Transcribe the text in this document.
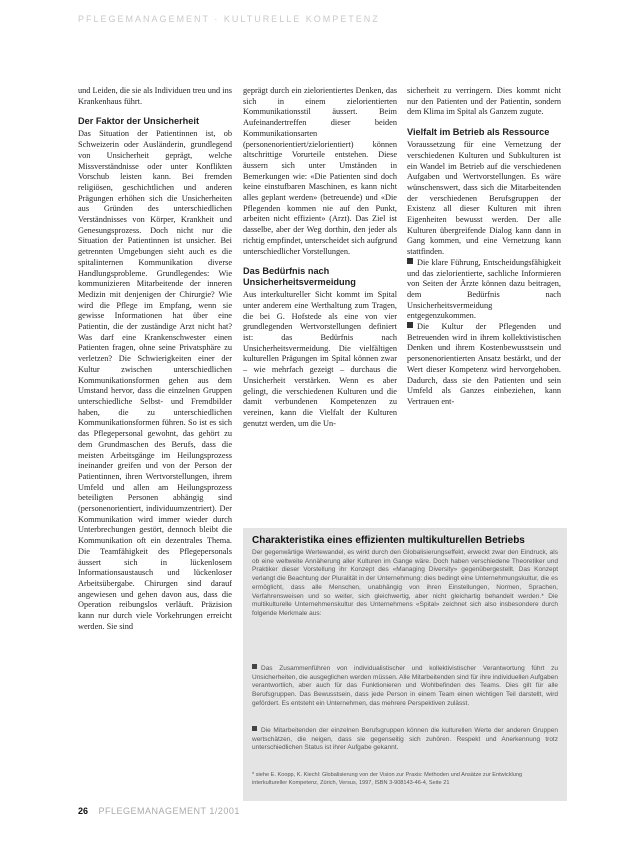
PFLEGEMANAGEMENT · KULTURELLE KOMPETENZ

und Leiden, die sie als Individuen treu und ins Krankenhaus führt.

Der Faktor der Unsicherheit

Das Situation der Patientinnen ist, ob Schweizerin oder Ausländerin, grundlegend von Unsicherheit geprägt, welche Missverständnisse oder unter Konflikten Vorschub leisten kann. Bei fremden religiösen, geschichtlichen und anderen Prägungen erhöhen sich die Unsicherheiten aus Gründen des unterschiedlichen Verständnisses von Körper, Krankheit und Genesungsprozess. Doch nicht nur die Situation der Patientinnen ist unsicher. Bei getrennten Umgebungen sieht auch es die spitalinternen Kommunikation diverse Handlungsprobleme. Grundlegendes: Wie kommunizieren Mitarbeitende der inneren Medizin mit denjenigen der Chirurgie? Wie wird die Pflege im Empfang, wenn sie gewisse Informationen hat über eine Patientin, die der zuständige Arzt nicht hat? Was darf eine Krankenschwester einen Patienten fragen, ohne seine Privatsphäre zu verletzen? Die Schwierigkeiten einer der Kultur zwischen unterschiedlichen Kommunikationsformen gehen aus dem Umstand hervor, dass die einzelnen Gruppen unterschiedliche Selbst- und Fremdbilder haben, die zu unterschiedlichen Kommunikationsformen führen. So ist es sich das Pflegepersonal gewohnt, das gehört zu dem Grundmaschen des Berufs, dass die meisten Arbeitsgänge im Heilungsprozess ineinander greifen und von der Person der Patientinnen, ihren Wertvorstellungen, ihrem Umfeld und allen am Heilungsprozess beteiligten Personen abhängig sind (personenorientiert, individuumzentriert). Der Kommunikation wird immer wieder durch Unterbrechungen gestört, dennoch bleibt die Kommunikation oft ein dezentrales Thema. Die Teamfähigkeit des Pflegepersonals äussert sich in lückenlosem Informationsaustausch und lückenloser Arbeitsübergabe. Chirurgen sind darauf angewiesen und gehen davon aus, dass die Operation reibungslos verläuft. Präzision kann nur durch viele Vorkehrungen erreicht werden. Sie sind

geprägt durch ein zielorientiertes Denken, das sich in einem zielorientierten Kommunikationsstil äussert. Beim Aufeinandertreffen dieser beiden Kommunikationsarten (personenorientiert/zielorientiert) können altschrittige Vorurteile entstehen. Diese äussern sich unter Umständen in Bemerkungen wie: «Die Patienten sind doch keine einstufbaren Maschinen, es kann nicht alles geplant werden» (betreuende) und «Die Pflegenden kommen nie auf den Punkt, arbeiten nicht effizient» (Arzt). Das Ziel ist dasselbe, aber der Weg dorthin, den jeder als richtig empfindet, unterscheidet sich aufgrund unterschiedlicher Vorstellungen.

Das Bedürfnis nach Unsicherheitsvermeidung

Aus interkultureller Sicht kommt im Spital unter anderem eine Werthaltung zum Tragen, die bei G. Hofstede als eine von vier grundlegenden Wertvorstellungen definiert ist: das Bedürfnis nach Unsicherheitsvermeidung. Die vielfältigen kulturellen Prägungen im Spital können zwar – wie mehrfach gezeigt – durchaus die Unsicherheit verstärken. Wenn es aber gelingt, die verschiedenen Kulturen und die damit verbundenen Kompetenzen zu vereinen, kann die Vielfalt der Kulturen genutzt werden, um die Un-

sicherheit zu verringern. Dies kommt nicht nur den Patienten und der Patientin, sondern dem Klima im Spital als Ganzem zugute.

Vielfalt im Betrieb als Ressource

Voraussetzung für eine Vernetzung der verschiedenen Kulturen und Subkulturen ist ein Wandel im Betrieb auf die verschiedenen Aufgaben und Wertvorstellungen. Es wäre wünschenswert, dass sich die Mitarbeitenden der verschiedenen Berufsgruppen der Existenz all dieser Kulturen mit ihren Eigenheiten bewusst werden. Der alle Kulturen übergreifende Dialog kann dann in Gang kommen, und eine Vernetzung kann stattfinden.

Die klare Führung, Entscheidungsfähigkeit und das zielorientierte, sachliche Informieren von Seiten der Ärzte können dazu beitragen, dem Bedürfnis nach Unsicherheitsvermeidung entgegenzukommen.

Die Kultur der Pflegenden und Betreuenden wird in ihrem kollektivistischen Denken und ihrem Kostenbewusstsein und personenorientierten Ansatz bestärkt, und der Wert dieser Kompetenz wird hervorgehoben. Dadurch, dass sie den Patienten und sein Umfeld als Ganzes einbeziehen, kann Vertrauen ent-

Charakteristika eines effizienten multikulturellen Betriebs
Der gegenwärtige Wertewandel, es wirkt durch den Globalisierungseffekt, erweckt zwar den Eindruck, als ob eine weltweite Annäherung aller Kulturen im Gange wäre. Doch haben verschiedene Theoretiker und Praktiker dieser Vorstellung ihr Konzept des «Managing Diversity» gegenübergestellt. Das Konzept verlangt die Beachtung der Pluralität in der Unternehmung: dies bedingt eine Unternehmungskultur, die es ermöglicht, dass alle Menschen, unabhängig von ihren Einstellungen, Normen, Sprachen, Verfahrensweisen und so weiter, sich gleichwertig, aber nicht gleichartig behandelt werden.* Die multikulturelle Unternehmenskultur des Unternehmens «Spital» zeichnet sich also insbesondere durch folgende Merkmale aus:
Das Zusammenführen von individualistischer und kollektivistischer Verantwortung führt zu Unsicherheiten, die ausgeglichen werden müssen. Alle Mitarbeitenden sind für ihre individuellen Aufgaben verantwortlich, aber auch für das Funktionieren und Wohlbefinden des Teams. Dies gilt für alle Berufsgruppen. Das Bewusstsein, dass jede Person in einem Team einen wichtigen Teil darstellt, wird gefördert. Es entsteht ein Unternehmen, das mehrere Perspektiven zulässt.
Die Mitarbeitenden der einzelnen Berufsgruppen können die kulturellen Werte der anderen Gruppen wertschätzen, die neigen, dass sie gegenseitig sich zuhören. Respekt und Anerkennung trotz unterschiedlichen Status ist ihrer Aufgabe gekannt.
* siehe E. Koopp, K. Kiechl: Globalisierung von der Vision zur Praxis: Methoden und Ansätze zur Entwicklung interkultureller Kompetenz, Zürich, Versus, 1997, ISBN 3-908143-46-4, Seite 21
26 PFLEGEMANAGEMENT 1/2001
